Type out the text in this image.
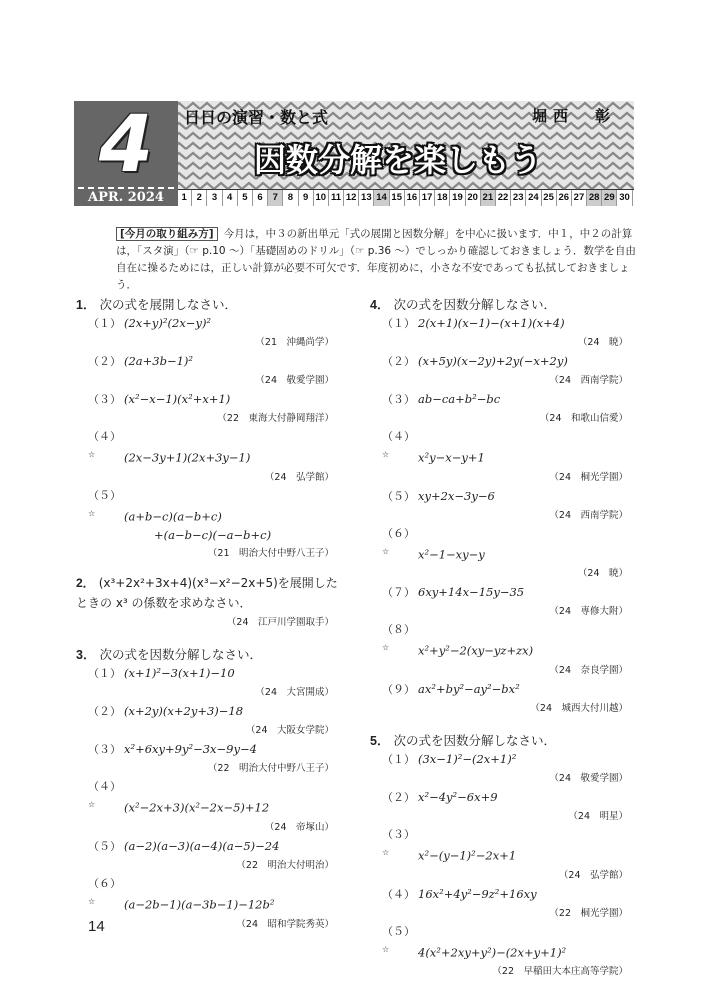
4
APR. 2024
日日の演習・数と式	堀西　彰
因数分解を楽しもう
1	2	3	4	5	6	7	8	9 10 11 12 13 14 15 16 17 18 19 20 21 22 23 24 25 26 27 28 29 30
[今月の取り組み方] 今月は，中３の新出単元「式の展開と因数分解」を中心に扱います．中１，中２の計算は，「スタ演」（☞ p.10 〜）「基礎固めのドリル」（☞ p.36 〜）でしっかり確認しておきましょう．数学を自由自在に操るためには，正しい計算が必要不可欠です．年度初めに，小さな不安であっても払拭しておきましょう．
1． 次の式を展開しなさい．
（１） (2x+y)²(2x−y)²
（21　沖縄尚学）
（２） (2a+3b−1)²
（24　敬愛学園）
（３） (x²−x−1)(x²+x+1)
（22　東海大付静岡翔洋）
（４）☆	(2x−3y+1)(2x+3y−1)
（24　弘学館）
（５）☆	(a+b−c)(a−b+c)
+(a−b−c)(−a−b+c)
（21　明治大付中野八王子）
2． (x³+2x²+3x+4)(x³−x²−2x+5)を展開したときの x³ の係数を求めなさい．
（24　江戸川学園取手）
3． 次の式を因数分解しなさい．
（１） (x+1)²−3(x+1)−10
（24　大宮開成）
（２） (x+2y)(x+2y+3)−18
（24　大阪女学院）
（３） x²+6xy+9y²−3x−9y−4
（22　明治大付中野八王子）
（４）☆	(x²−2x+3)(x²−2x−5)+12
（24　帝塚山）
（５） (a−2)(a−3)(a−4)(a−5)−24
（22　明治大付明治）
（６）☆	(a−2b−1)(a−3b−1)−12b²
（24　昭和学院秀英）
4． 次の式を因数分解しなさい．
（１） 2(x+1)(x−1)−(x+1)(x+4)
（24　暁）
（２） (x+5y)(x−2y)+2y(−x+2y)
（24　西南学院）
（３） ab−ca+b²−bc
（24　和歌山信愛）
（４）☆	x²y−x−y+1
（24　桐光学園）
（５） xy+2x−3y−6
（24　西南学院）
（６）☆	x²−1−xy−y
（24　暁）
（７） 6xy+14x−15y−35
（24　専修大附）
（８）☆	x²+y²−2(xy−yz+zx)
（24　奈良学園）
（９） ax²+by²−ay²−bx²
（24　城西大付川越）
5． 次の式を因数分解しなさい．
（１） (3x−1)²−(2x+1)²
（24　敬愛学園）
（２） x²−4y²−6x+9
（24　明星）
（３）☆	x²−(y−1)²−2x+1
（24　弘学館）
（４） 16x²+4y²−9z²+16xy
（22　桐光学園）
（５）☆	4(x²+2xy+y²)−(2x+y+1)²
（22　早稲田大本庄高等学院）
14
